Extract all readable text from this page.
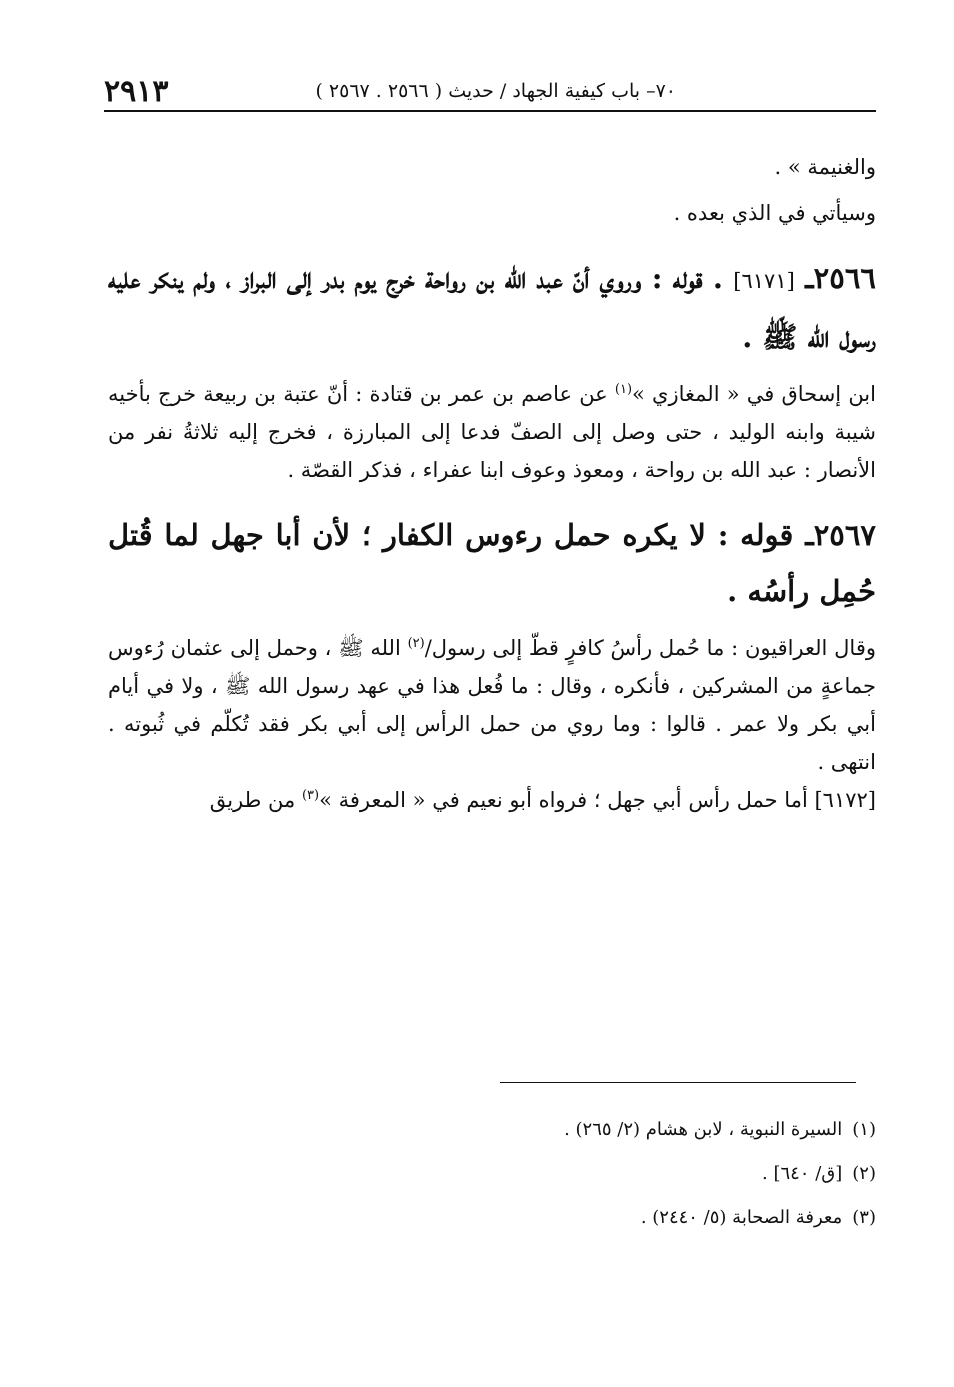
٧٠– باب كيفية الجهاد / حديث ( ٢٥٦٦ . ٢٥٦٧ )
٢٩١٣

والغنيمة » .

وسيأتي في الذي بعده .

٢٥٦٦ـ [٦١٧١] . قوله : وروي أنّ عبد الله بن رواحة خرج يوم بدر إلى البراز ، ولم ينكر عليه رسول الله ﷺ .

ابن إسحاق في « المغازي »$^{(١)}$ عن عاصم بن عمر بن قتادة : أنّ عتبة بن ربيعة خرج بأخيه شيبة وابنه الوليد ، حتى وصل إلى الصفّ فدعا إلى المبارزة ، فخرج إليه ثلاثةُ نفر من الأنصار : عبد الله بن رواحة ، ومعوذ وعوف ابنا عفراء ، فذكر القصّة .

٢٥٦٧ـ قوله : لا يكره حمل رءوس الكفار ؛ لأن أبا جهل لما قُتل حُمِل رأسُه .

وقال العراقيون : ما حُمل رأسُ كافرٍ قطّ إلى رسول/$^{(٢)}$ الله ﷺ ، وحمل إلى عثمان رُءوس جماعةٍ من المشركين ، فأنكره ، وقال : ما فُعل هذا في عهد رسول الله ﷺ ، ولا في أيام أبي بكر ولا عمر . قالوا : وما روي من حمل الرأس إلى أبي بكر فقد تُكلّم في ثُبوته . انتهى .

[٦١٧٢] أما حمل رأس أبي جهل ؛ فرواه أبو نعيم في « المعرفة »$^{(٣)}$ من طريق

(١)السيرة النبوية ، لابن هشام (٢/ ٢٦٥) .
(٢)[ق/ ٦٤٠] .
(٣)معرفة الصحابة (٥/ ٢٤٤٠) .
